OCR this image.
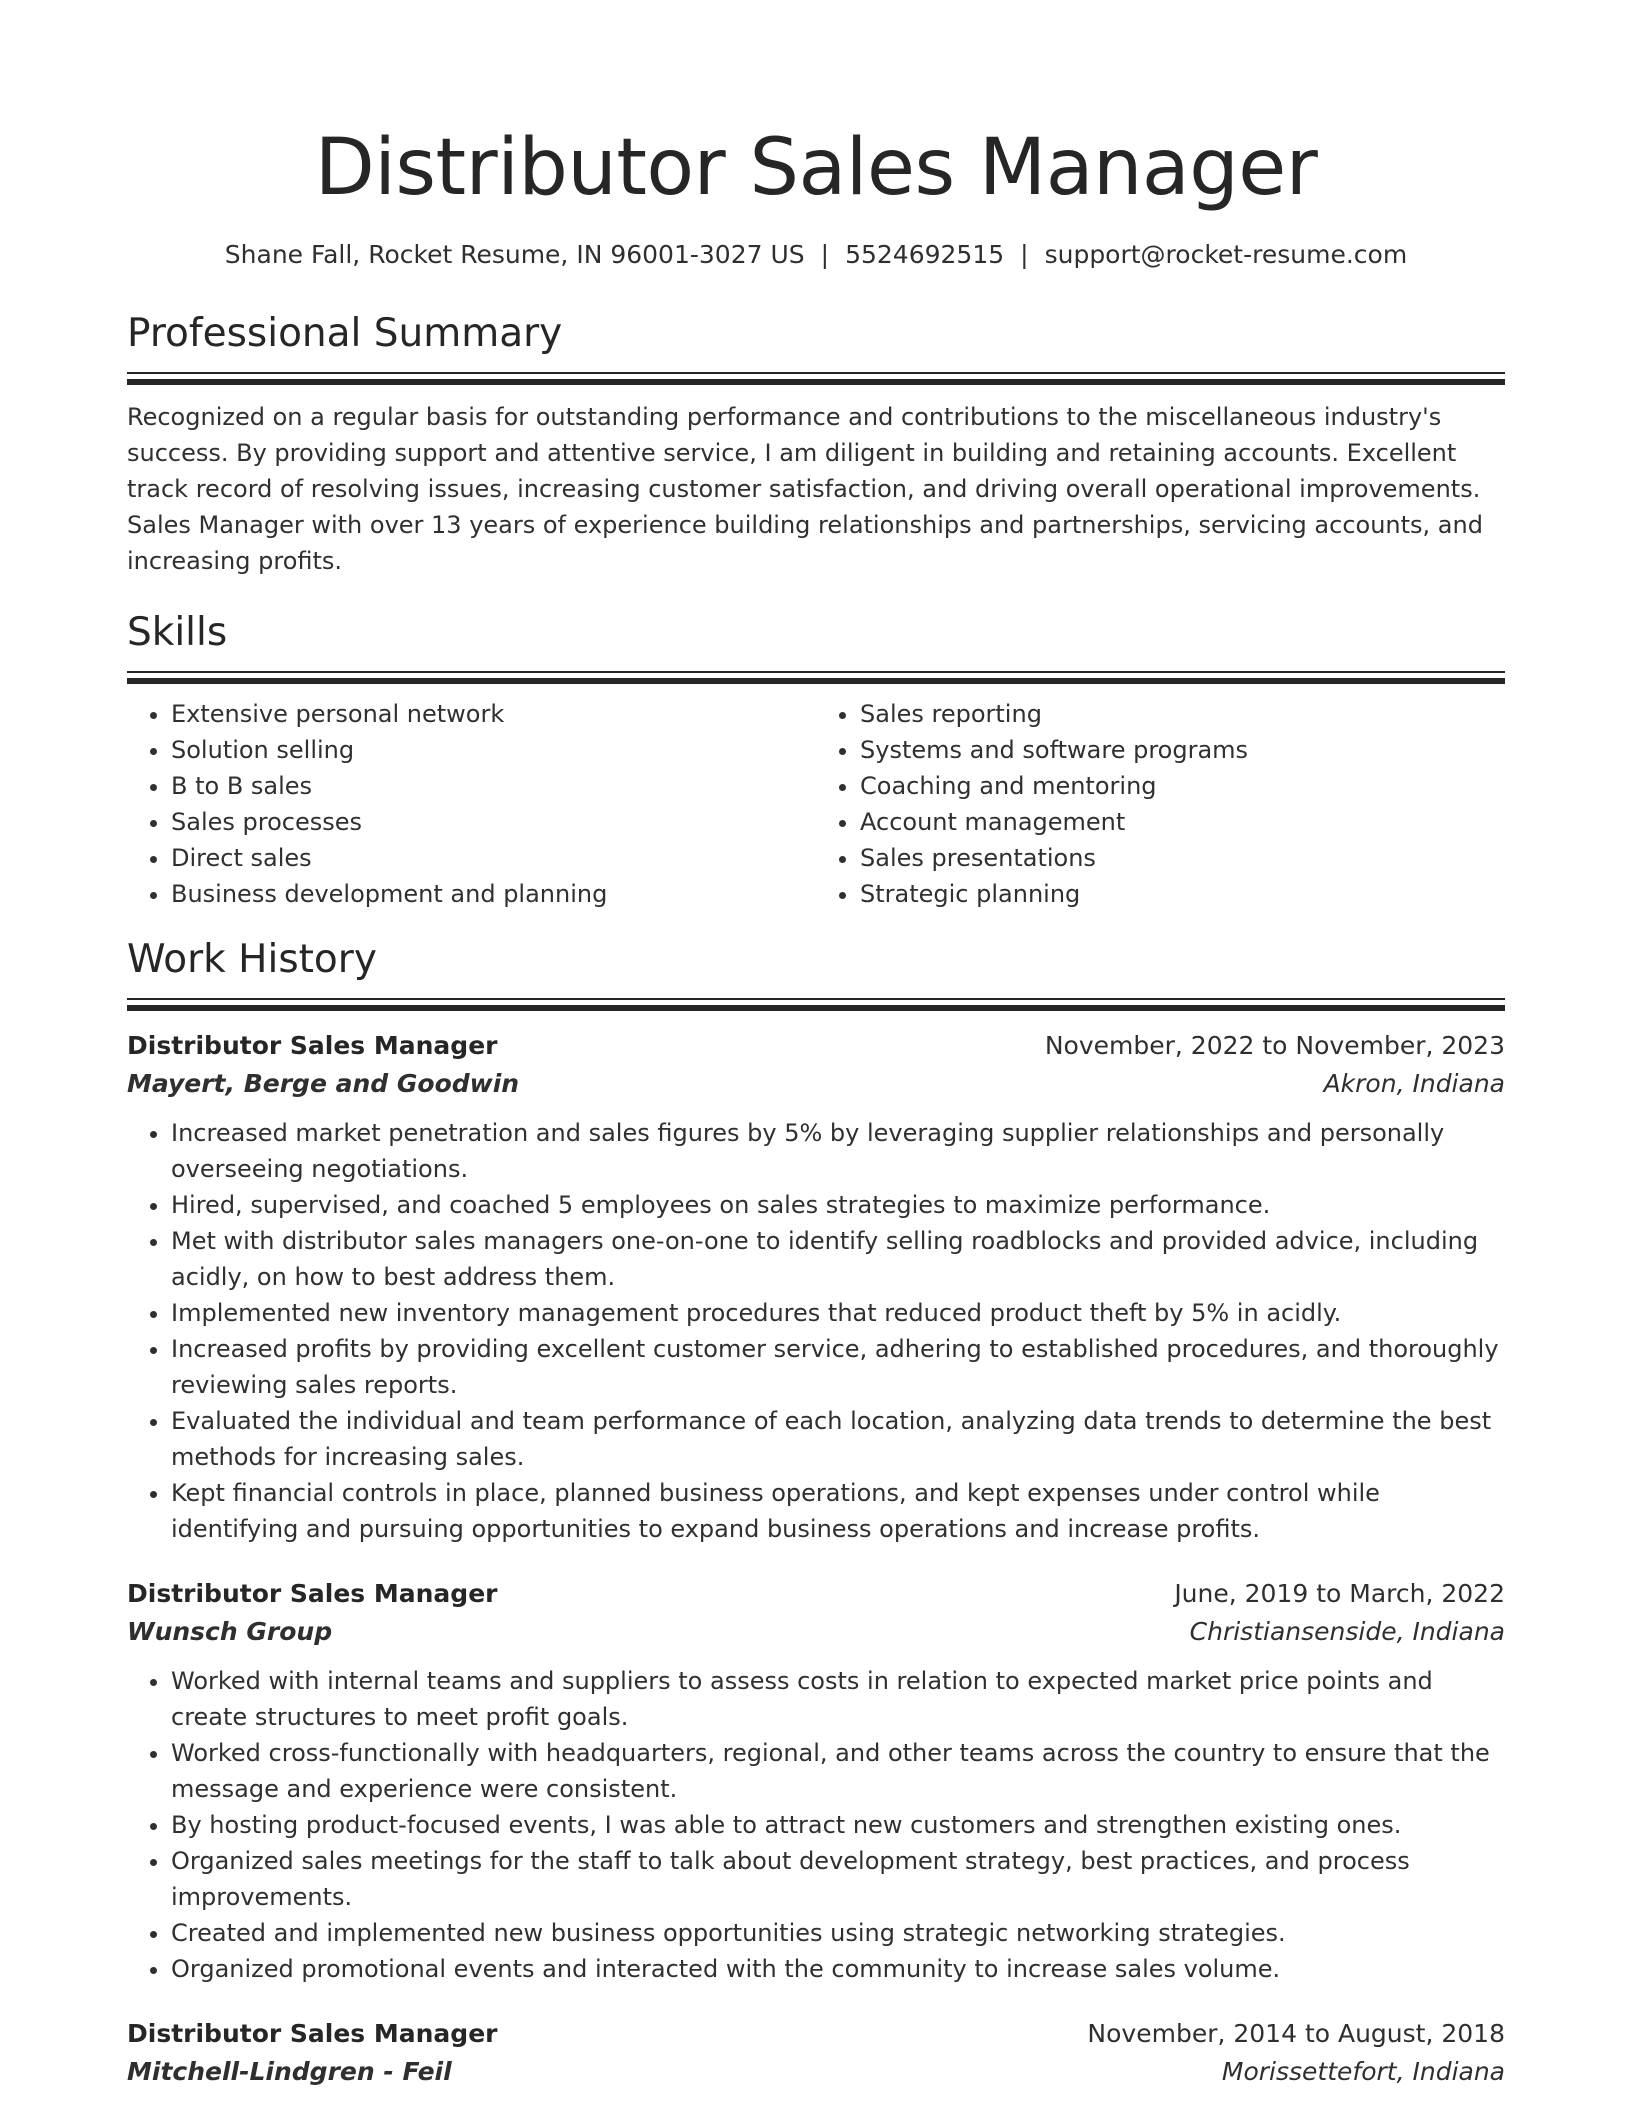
Distributor Sales Manager
Shane Fall, Rocket Resume, IN 96001-3027 US | 5524692515 | support@rocket-resume.com
Professional Summary

Recognized on a regular basis for outstanding performance and contributions to the miscellaneous industry's success. By providing support and attentive service, I am diligent in building and retaining accounts. Excellent track record of resolving issues, increasing customer satisfaction, and driving overall operational improvements. Sales Manager with over 13 years of experience building relationships and partnerships, servicing accounts, and increasing profits.

Skills
• Extensive personal network
• Solution selling
• B to B sales
• Sales processes
• Direct sales
• Business development and planning
• Sales reporting
• Systems and software programs
• Coaching and mentoring
• Account management
• Sales presentations
• Strategic planning
Work History
Distributor Sales Manager	November, 2022 to November, 2023
Mayert, Berge and Goodwin	Akron, Indiana
• Increased market penetration and sales figures by 5% by leveraging supplier relationships and personally overseeing negotiations.
• Hired, supervised, and coached 5 employees on sales strategies to maximize performance.
• Met with distributor sales managers one-on-one to identify selling roadblocks and provided advice, including acidly, on how to best address them.
• Implemented new inventory management procedures that reduced product theft by 5% in acidly.
• Increased profits by providing excellent customer service, adhering to established procedures, and thoroughly reviewing sales reports.
• Evaluated the individual and team performance of each location, analyzing data trends to determine the best methods for increasing sales.
• Kept financial controls in place, planned business operations, and kept expenses under control while identifying and pursuing opportunities to expand business operations and increase profits.
Distributor Sales Manager	June, 2019 to March, 2022
Wunsch Group	Christiansenside, Indiana
• Worked with internal teams and suppliers to assess costs in relation to expected market price points and create structures to meet profit goals.
• Worked cross-functionally with headquarters, regional, and other teams across the country to ensure that the message and experience were consistent.
• By hosting product-focused events, I was able to attract new customers and strengthen existing ones.
• Organized sales meetings for the staff to talk about development strategy, best practices, and process improvements.
• Created and implemented new business opportunities using strategic networking strategies.
• Organized promotional events and interacted with the community to increase sales volume.
Distributor Sales Manager	November, 2014 to August, 2018
Mitchell-Lindgren - Feil	Morissettefort, Indiana
